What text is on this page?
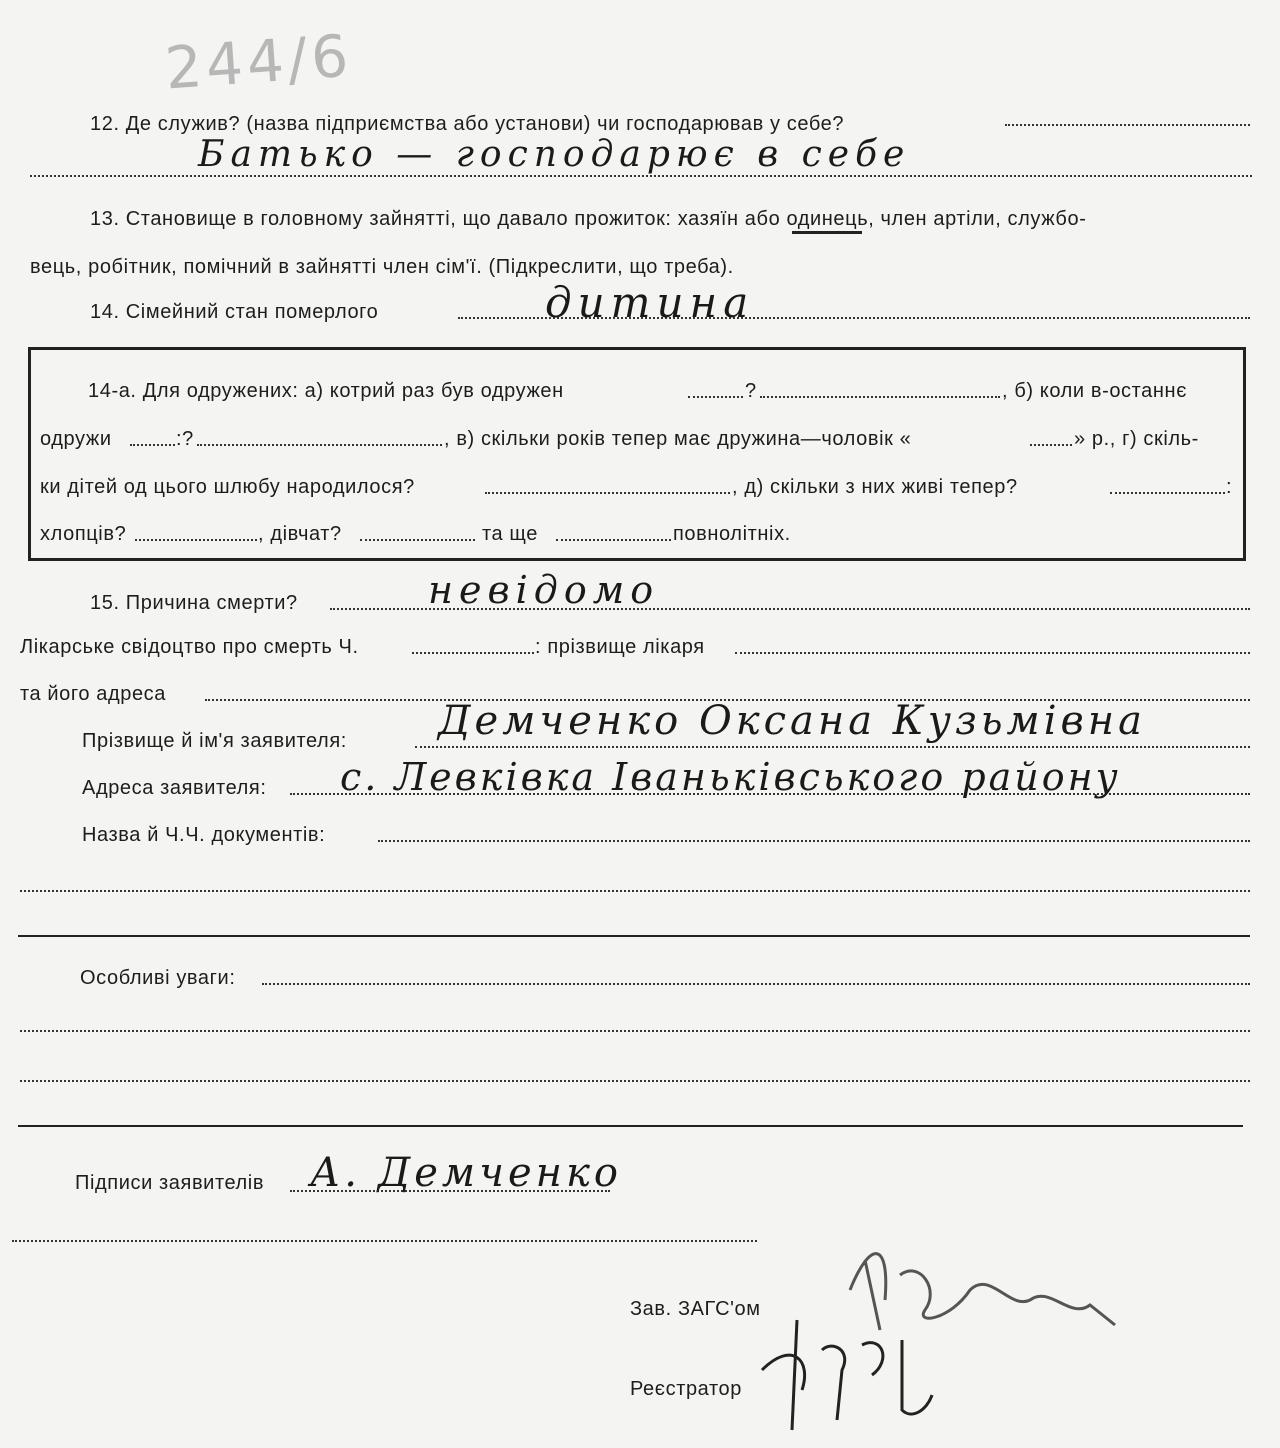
244/6
12. Де служив? (назва підприємства або установи) чи господарював у себе?
Батько — господарює в себе
13. Становище в головному зайнятті, що давало прожиток: хазяїн або одинець, член артіли, службо-
вець, робітник, помічний в зайнятті член сім'ї. (Підкреслити, що треба).
14. Сімейний стан померлого	дитина
14-а. Для одружених: а) котрий раз був одружен	?	, б) коли в-останнє
одружи	:?	, в) скільки років тепер має дружина—чоловік «	» р., г) скіль-
ки дітей од цього шлюбу народилося?	, д) скільки з них живі тепер?	:
хлопців?	, дівчат?	та ще	повнолітніх.
15. Причина смерти?	невідомо
Лікарське свідоцтво про смерть Ч.	: прізвище лікаря
та його адреса
Прізвище й ім'я заявителя: Демченко Оксана Кузьмівна
Адреса заявителя: с. Левківка Іваньківського району
Назва й Ч.Ч. документів:
Особливі уваги:
Підписи заявителів А. Демченко
Зав. ЗАГС'ом
Реєстратор
